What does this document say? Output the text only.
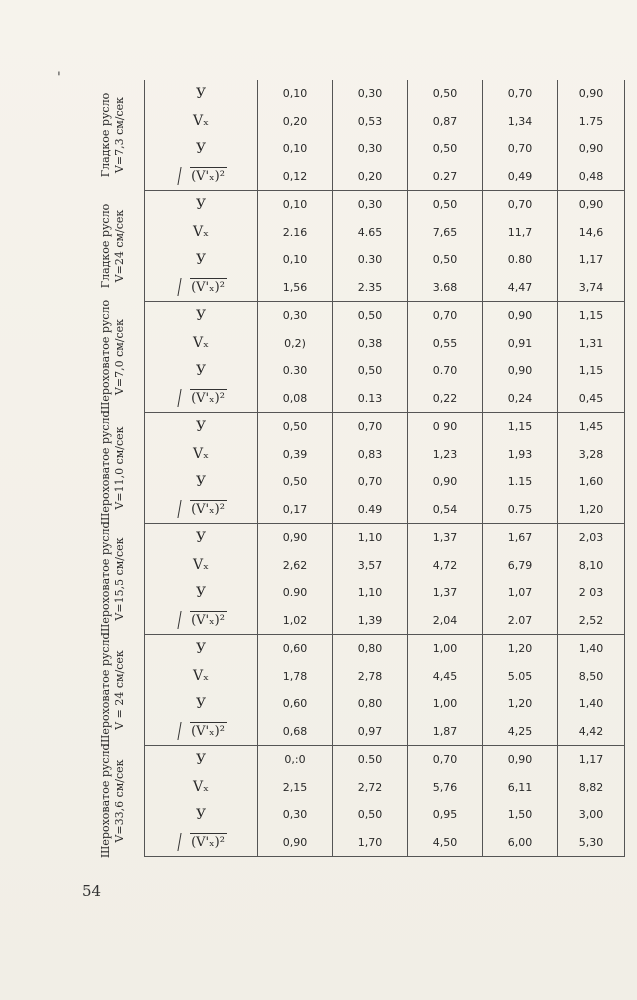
'
Гладкое русло V=7,3 см/сек	У	0,10	0,30	0,50	0,70	0,90
	Vₓ	0,20	0,53	0,87	1,34	1.75
	У	0,10	0,30	0,50	0,70	0,90
	(V'ₓ)²	0,12	0,20	0.27	0,49	0,48

Гладкое русло V=24 см/сек	У	0,10	0,30	0,50	0,70	0,90
	Vₓ	2.16	4.65	7,65	11,7	14,6
	У	0,10	0.30	0,50	0.80	1,17
	(V'ₓ)²	1,56	2.35	3.68	4,47	3,74

Шероховатое русло V=7,0 см/сек	У	0,30	0,50	0,70	0,90	1,15
	Vₓ	0,2)	0,38	0,55	0,91	1,31
	У	0.30	0,50	0.70	0,90	1,15
	(V'ₓ)²	0,08	0.13	0,22	0,24	0,45

Шероховатое русло V=11,0 см/сек	У	0,50	0,70	0 90	1,15	1,45
	Vₓ	0,39	0,83	1,23	1,93	3,28
	У	0,50	0,70	0,90	1.15	1,60
	(V'ₓ)²	0,17	0.49	0,54	0.75	1,20

Шероховатое русло V=15,5 см/сек	У	0,90	1,10	1,37	1,67	2,03
	Vₓ	2,62	3,57	4,72	6,79	8,10
	У	0.90	1,10	1,37	1,07	2 03
	(V'ₓ)²	1,02	1,39	2,04	2.07	2,52

Шероховатое русло V = 24 см/сек	У	0,60	0,80	1,00	1,20	1,40
	Vₓ	1,78	2,78	4,45	5.05	8,50
	У	0,60	0,80	1,00	1,20	1,40
	(V'ₓ)²	0,68	0,97	1,87	4,25	4,42

Шероховатое русло V=33,6 см/сек	У	0,:0	0.50	0,70	0,90	1,17
	Vₓ	2,15	2,72	5,76	6,11	8,82
	У	0,30	0,50	0,95	1,50	3,00
	(V'ₓ)²	0,90	1,70	4,50	6,00	5,30
54
